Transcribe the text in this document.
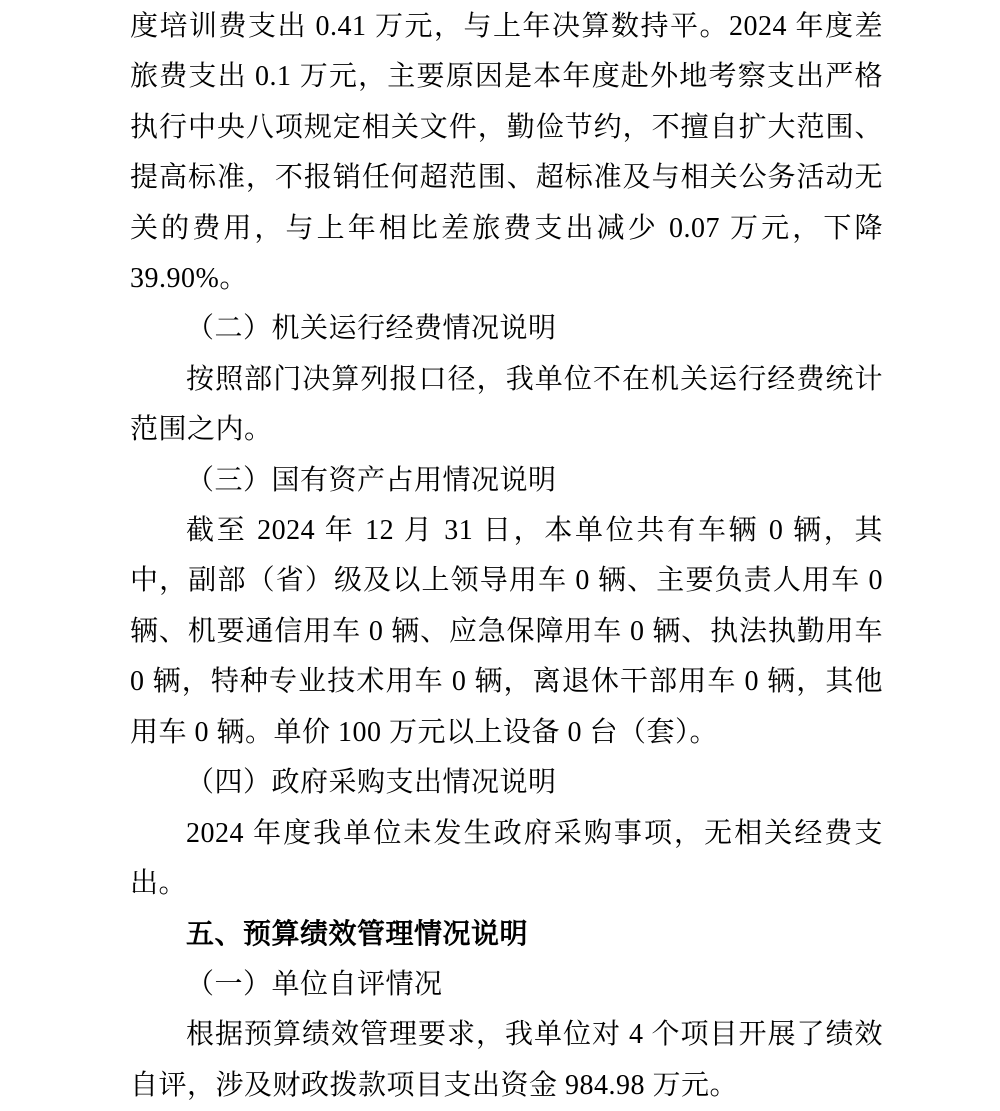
度培训费支出 0.41 万元，与上年决算数持平。2024 年度差旅费支出 0.1 万元，主要原因是本年度赴外地考察支出严格执行中央八项规定相关文件，勤俭节约，不擅自扩大范围、提高标准，不报销任何超范围、超标准及与相关公务活动无关的费用，与上年相比差旅费支出减少 0.07 万元，下降 39.90%。

（二）机关运行经费情况说明

按照部门决算列报口径，我单位不在机关运行经费统计范围之内。

（三）国有资产占用情况说明

截至 2024 年 12 月 31 日，本单位共有车辆 0 辆，其中，副部（省）级及以上领导用车 0 辆、主要负责人用车 0 辆、机要通信用车 0 辆、应急保障用车 0 辆、执法执勤用车 0 辆，特种专业技术用车 0 辆，离退休干部用车 0 辆，其他用车 0 辆。单价 100 万元以上设备 0 台（套）。

（四）政府采购支出情况说明

2024 年度我单位未发生政府采购事项，无相关经费支出。

五、预算绩效管理情况说明

（一）单位自评情况

根据预算绩效管理要求，我单位对 4 个项目开展了绩效自评，涉及财政拨款项目支出资金 984.98 万元。
